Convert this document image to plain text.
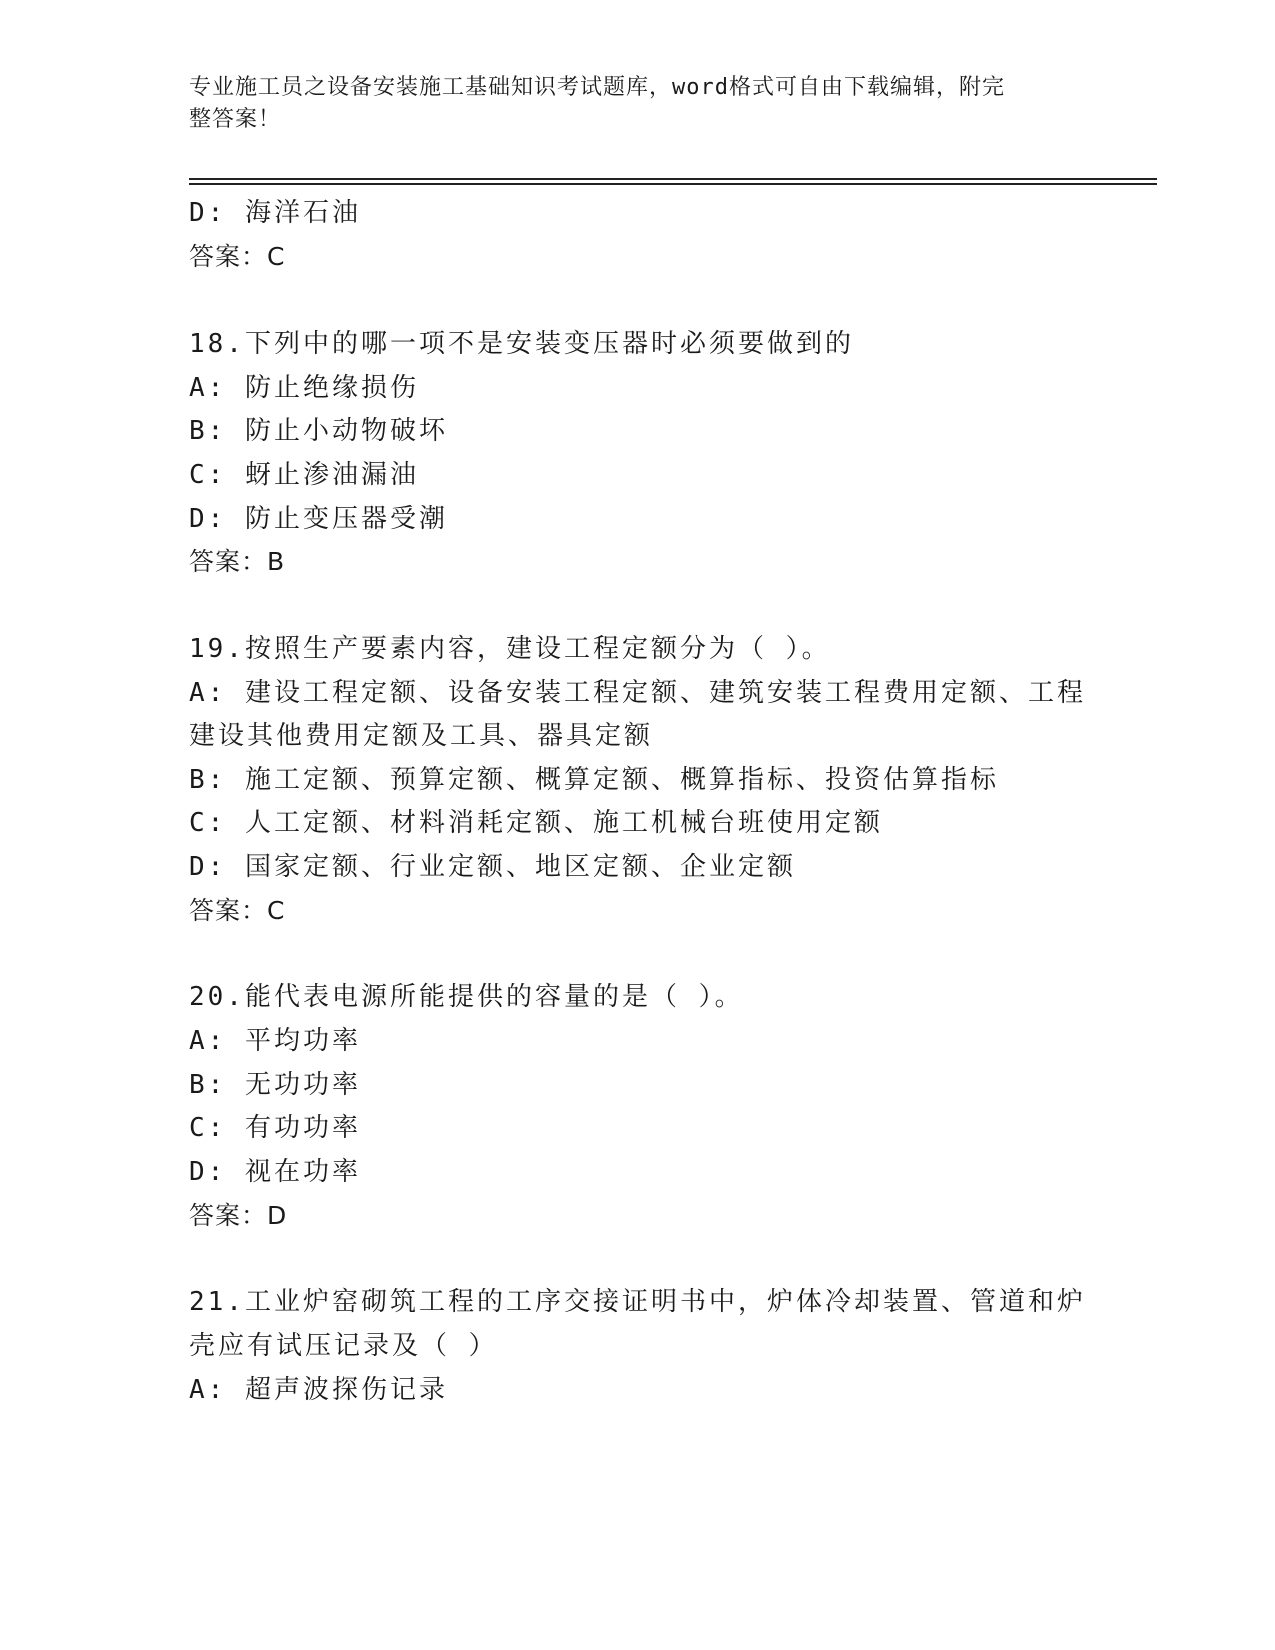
专业施工员之设备安装施工基础知识考试题库，word格式可自由下载编辑，附完
整答案！
D: 海洋石油
答案：C
18.下列中的哪一项不是安装变压器时必须要做到的
A: 防止绝缘损伤
B: 防止小动物破坏
C: 蚜止渗油漏油
D: 防止变压器受潮
答案：B
19.按照生产要素内容，建设工程定额分为（ ）。
A: 建设工程定额、设备安装工程定额、建筑安装工程费用定额、工程
建设其他费用定额及工具、器具定额
B: 施工定额、预算定额、概算定额、概算指标、投资估算指标
C: 人工定额、材料消耗定额、施工机械台班使用定额
D: 国家定额、行业定额、地区定额、企业定额
答案：C
20.能代表电源所能提供的容量的是（ ）。
A: 平均功率
B: 无功功率
C: 有功功率
D: 视在功率
答案：D
21.工业炉窑砌筑工程的工序交接证明书中，炉体冷却装置、管道和炉
壳应有试压记录及（ ）
A: 超声波探伤记录
